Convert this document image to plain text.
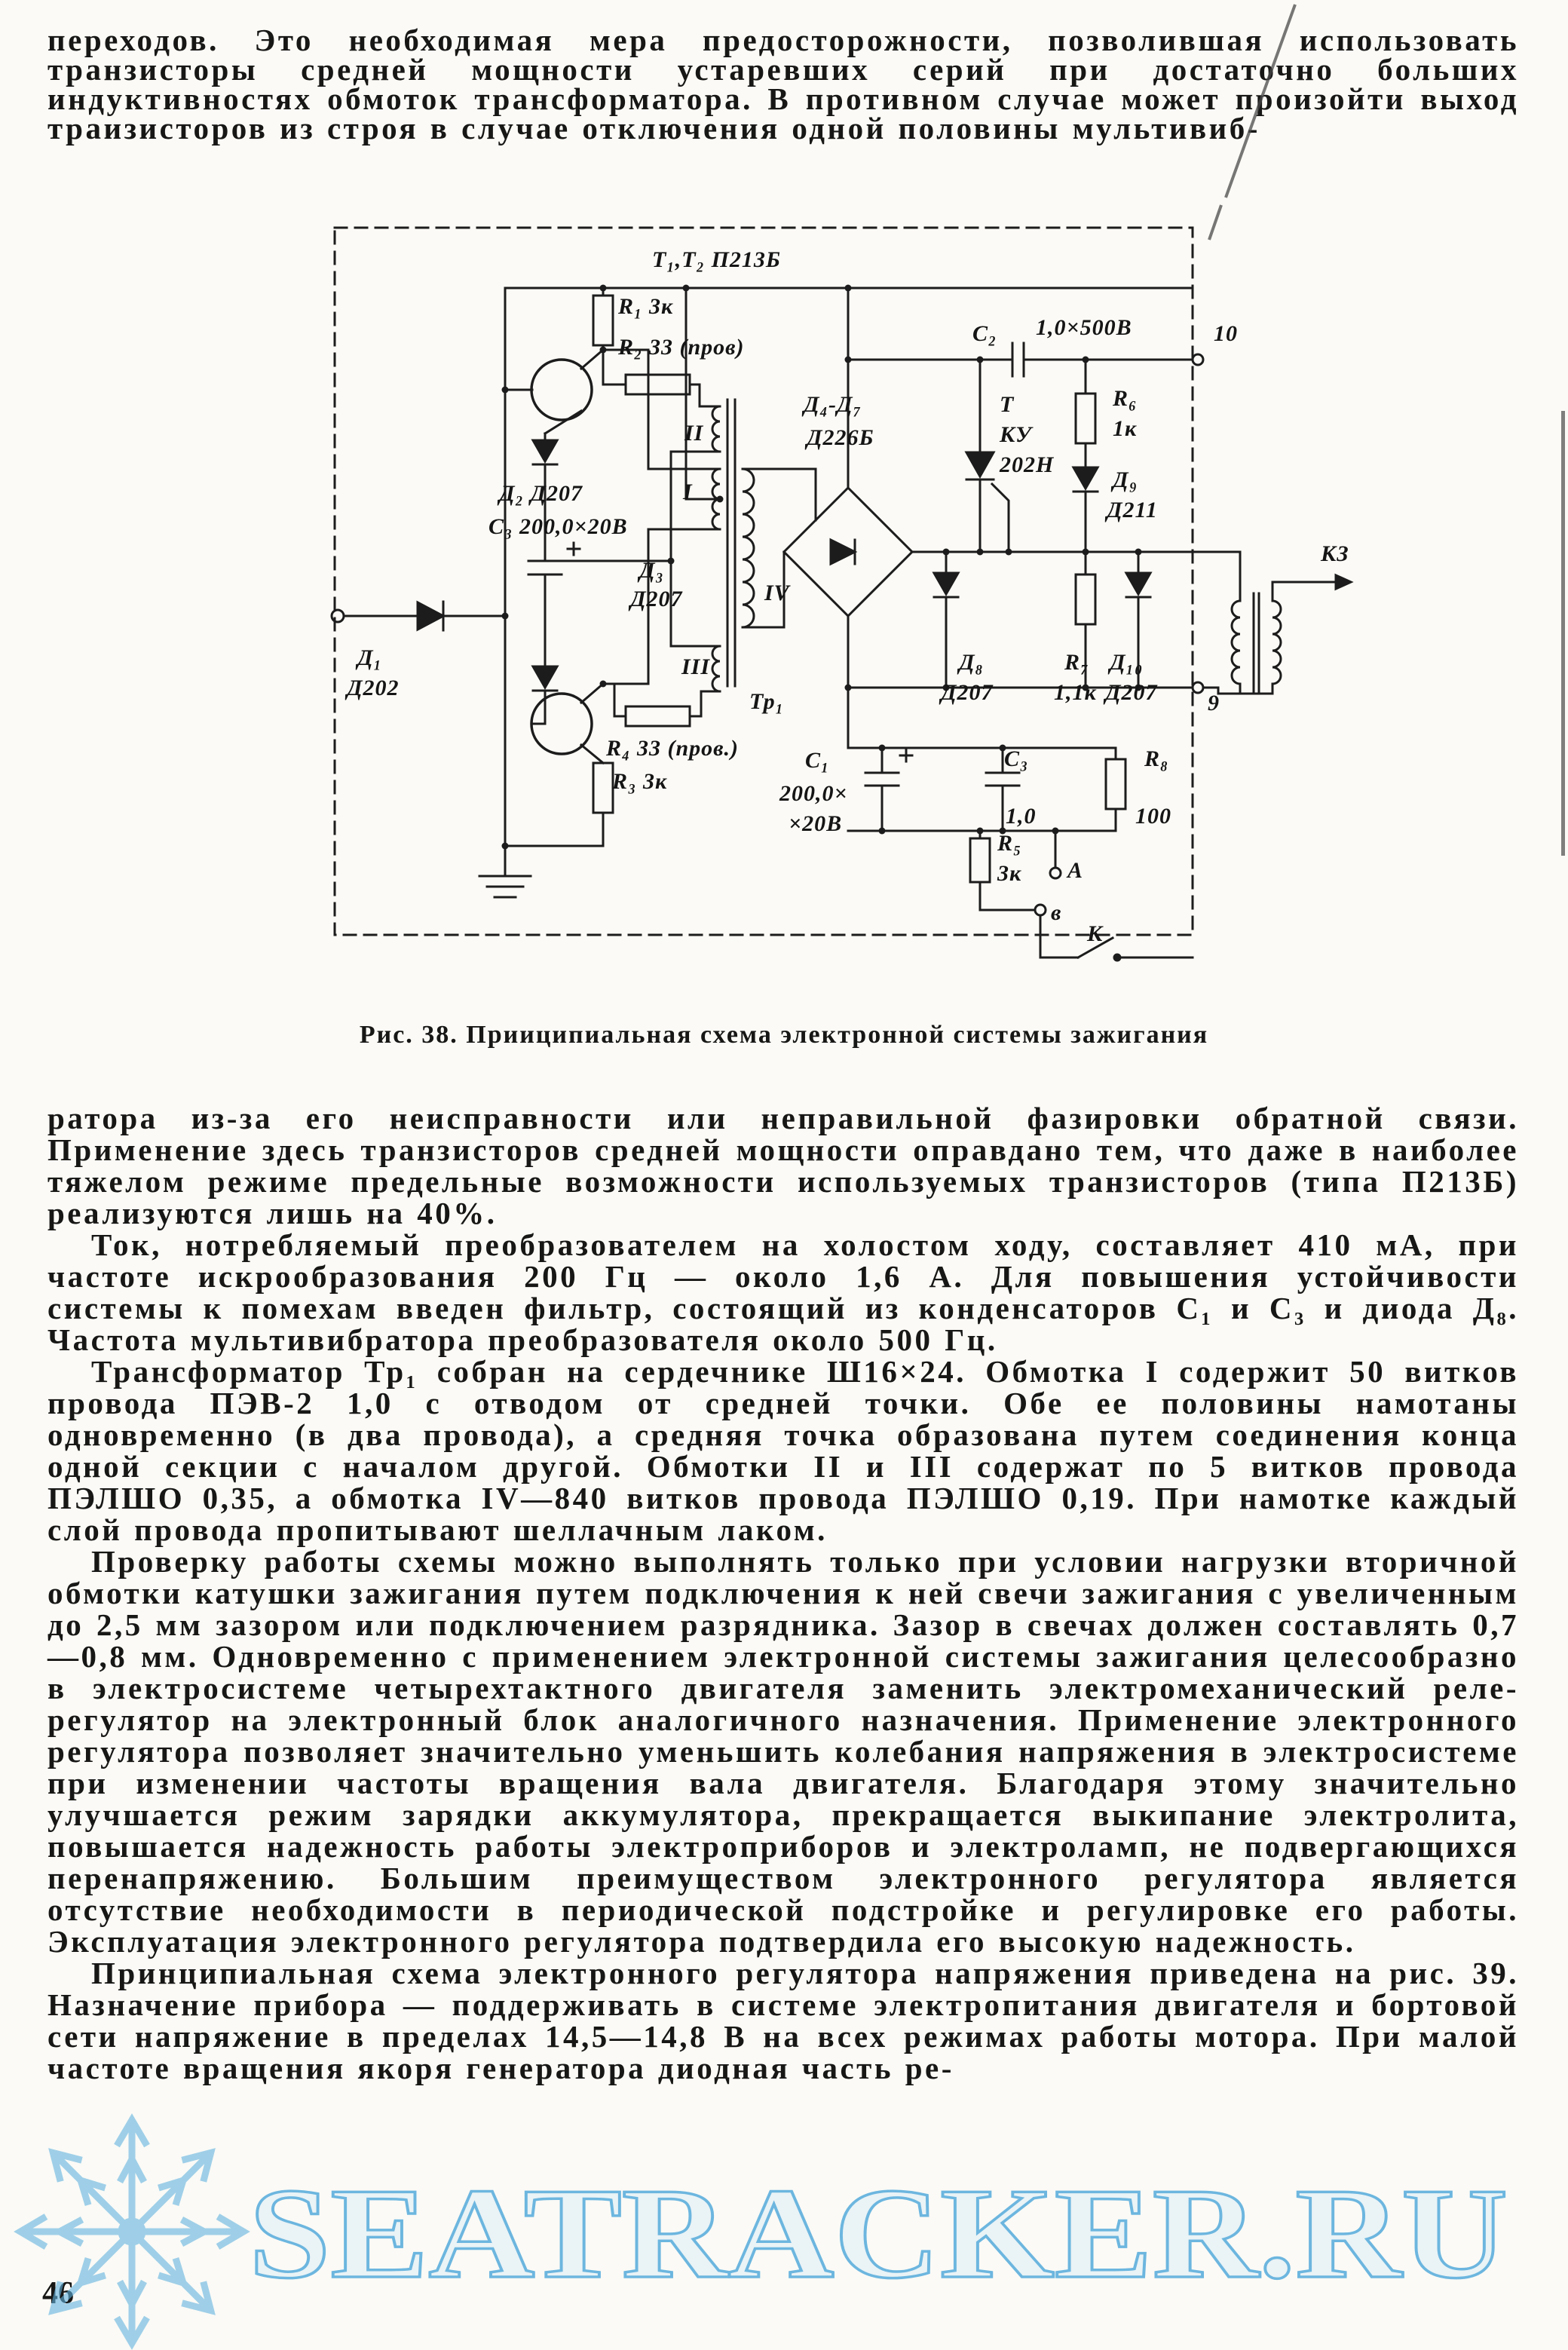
переходов. Это необходимая мера предосторожности, позволившая использовать транзисторы средней мощности устаревших серий при достаточно больших индуктивностях обмоток трансформатора. В противном случае может произойти выход траизисторов из строя в случае отключения одной половины мультивиб-
Т₁,Т₂ П213Б
R₁ 3к
R₂ 33 (пров)
Д₂ Д207
С₃ 200,0×20В
Д₃
Д207
Д₁
Д202
R₄ 33 (пров.)
R₃ 3к
II
I
III
IV
Тр₁
Д₄-Д₇
Д226Б
С₂ 1,0×500В	10
Т
КУ
202Н
R₆
1к
Д₉
Д211
Д₈
Д207
R₇
1,1к
Д₁₀
Д207 9
КЗ
С₁
200,0×
×20В
С₃
1,0
R₈
100
R₅
3к А
в
К
Рис. 38. Прииципиальная схема электронной системы зажигания

ратора из-за его неисправности или неправильной фазировки обратной связи. Применение здесь транзисторов средней мощности оправдано тем, что даже в наиболее тяжелом режиме предельные возможности используемых транзисторов (типа П213Б) реализуются лишь на 40%.

Ток, нотребляемый преобразователем на холостом ходу, составляет 410 мА, при частоте искрообразования 200 Гц — около 1,6 А. Для повышения устойчивости системы к помехам введен фильтр, состоящий из конденсаторов С₁ и С₃ и диода Д₈. Частота мультивибратора преобразователя около 500 Гц.

Трансформатор Тр₁ собран на сердечнике Ш16×24. Обмотка I содержит 50 витков провода ПЭВ-2 1,0 с отводом от средней точки. Обе ее половины намотаны одновременно (в два провода), а средняя точка образована путем соединения конца одной секции с началом другой. Обмотки II и III содержат по 5 витков провода ПЭЛШО 0,35, а обмотка IV—840 витков провода ПЭЛШО 0,19. При намотке каждый слой провода пропитывают шеллачным лаком.

Проверку работы схемы можно выполнять только при условии нагрузки вторичной обмотки катушки зажигания путем подключения к ней свечи зажигания с увеличенным до 2,5 мм зазором или подключением разрядника. Зазор в свечах должен составлять 0,7—0,8 мм. Одновременно с применением электронной системы зажигания целесообразно в электросистеме четырехтактного двигателя заменить электромеханический реле-регулятор на электронный блок аналогичного назначения. Применение электронного регулятора позволяет значительно уменьшить колебания напряжения в электросистеме при изменении частоты вращения вала двигателя. Благодаря этому значительно улучшается режим зарядки аккумулятора, прекращается выкипание электролита, повышается надежность работы электроприборов и электроламп, не подвергающихся перенапряжению. Большим преимуществом электронного регулятора является отсутствие необходимости в периодической подстройке и регулировке его работы. Эксплуатация электронного регулятора подтвердила его высокую надежность.

Принципиальная схема электронного регулятора напряжения приведена на рис. 39. Назначение прибора — поддерживать в системе электропитания двигателя и бортовой сети напряжение в пределах 14,5—14,8 В на всех режимах работы мотора. При малой частоте вращения якоря генератора диодная часть ре-

46 SEATRACKER.RU
